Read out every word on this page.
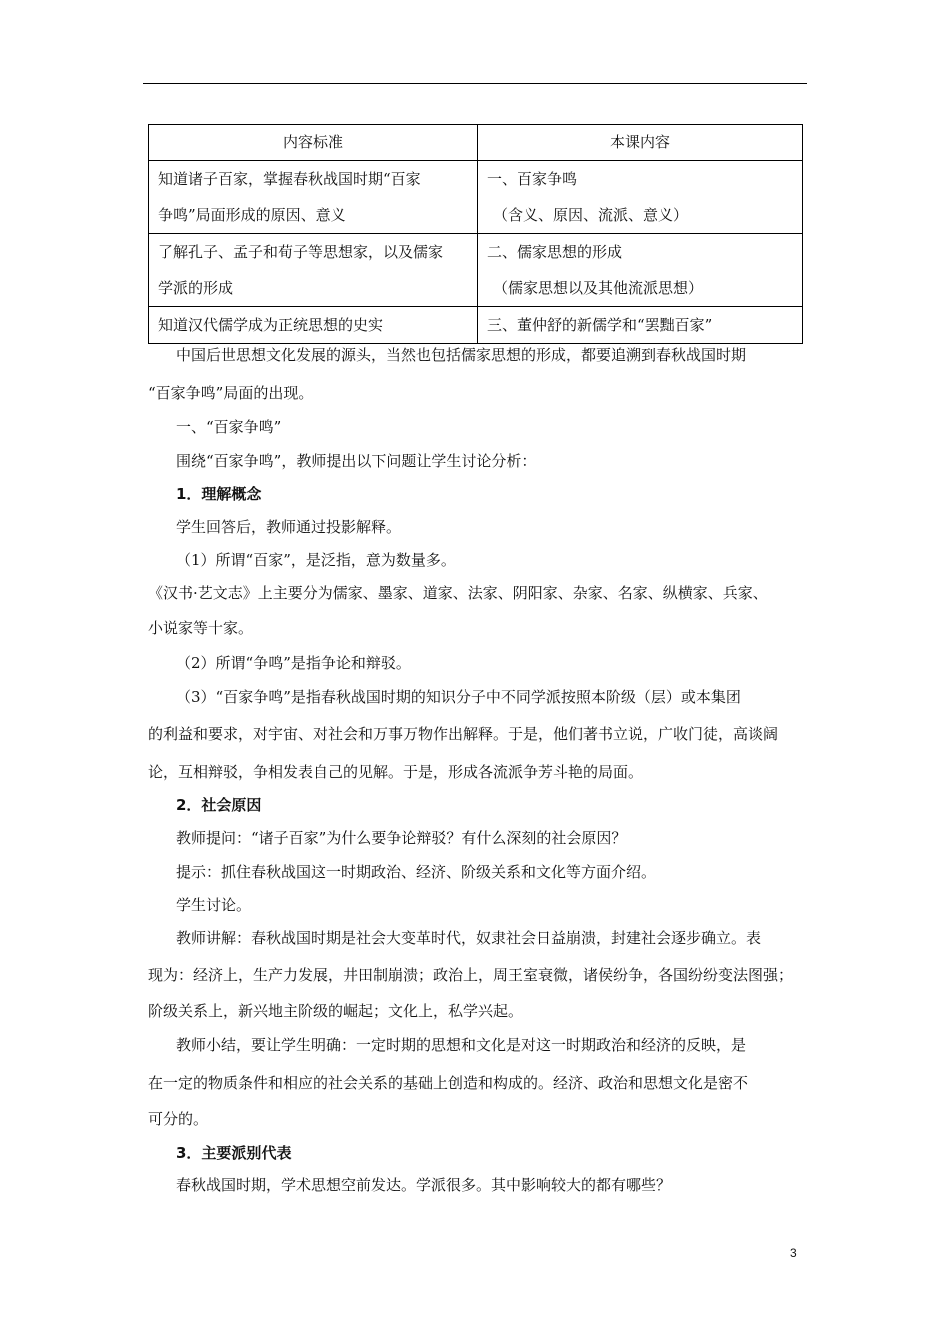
内容标准	本课内容

知道诸子百家，掌握春秋战国时期“百家
争鸣”局面形成的原因、意义	一、百家争鸣
（含义、原因、流派、意义）

了解孔子、孟子和荀子等思想家，以及儒家
学派的形成	二、儒家思想的形成
（儒家思想以及其他流派思想）

知道汉代儒学成为正统思想的史实	三、董仲舒的新儒学和“罢黜百家”
中国后世思想文化发展的源头，当然也包括儒家思想的形成，都要追溯到春秋战国时期
“百家争鸣”局面的出现。
一、“百家争鸣”
围绕“百家争鸣”，教师提出以下问题让学生讨论分析：
1．理解概念
学生回答后，教师通过投影解释。
（1）所谓“百家”，是泛指，意为数量多。
《汉书·艺文志》上主要分为儒家、墨家、道家、法家、阴阳家、杂家、名家、纵横家、兵家、
小说家等十家。
（2）所谓“争鸣”是指争论和辩驳。
（3）“百家争鸣”是指春秋战国时期的知识分子中不同学派按照本阶级（层）或本集团
的利益和要求，对宇宙、对社会和万事万物作出解释。于是，他们著书立说，广收门徒，高谈阔
论，互相辩驳，争相发表自己的见解。于是，形成各流派争芳斗艳的局面。
2．社会原因
教师提问：“诸子百家”为什么要争论辩驳？有什么深刻的社会原因？
提示：抓住春秋战国这一时期政治、经济、阶级关系和文化等方面介绍。
学生讨论。
教师讲解：春秋战国时期是社会大变革时代，奴隶社会日益崩溃，封建社会逐步确立。表
现为：经济上，生产力发展，井田制崩溃；政治上，周王室衰微，诸侯纷争，各国纷纷变法图强；
阶级关系上，新兴地主阶级的崛起；文化上，私学兴起。
教师小结，要让学生明确：一定时期的思想和文化是对这一时期政治和经济的反映，是
在一定的物质条件和相应的社会关系的基础上创造和构成的。经济、政治和思想文化是密不
可分的。
3．主要派别代表
春秋战国时期，学术思想空前发达。学派很多。其中影响较大的都有哪些？
3
